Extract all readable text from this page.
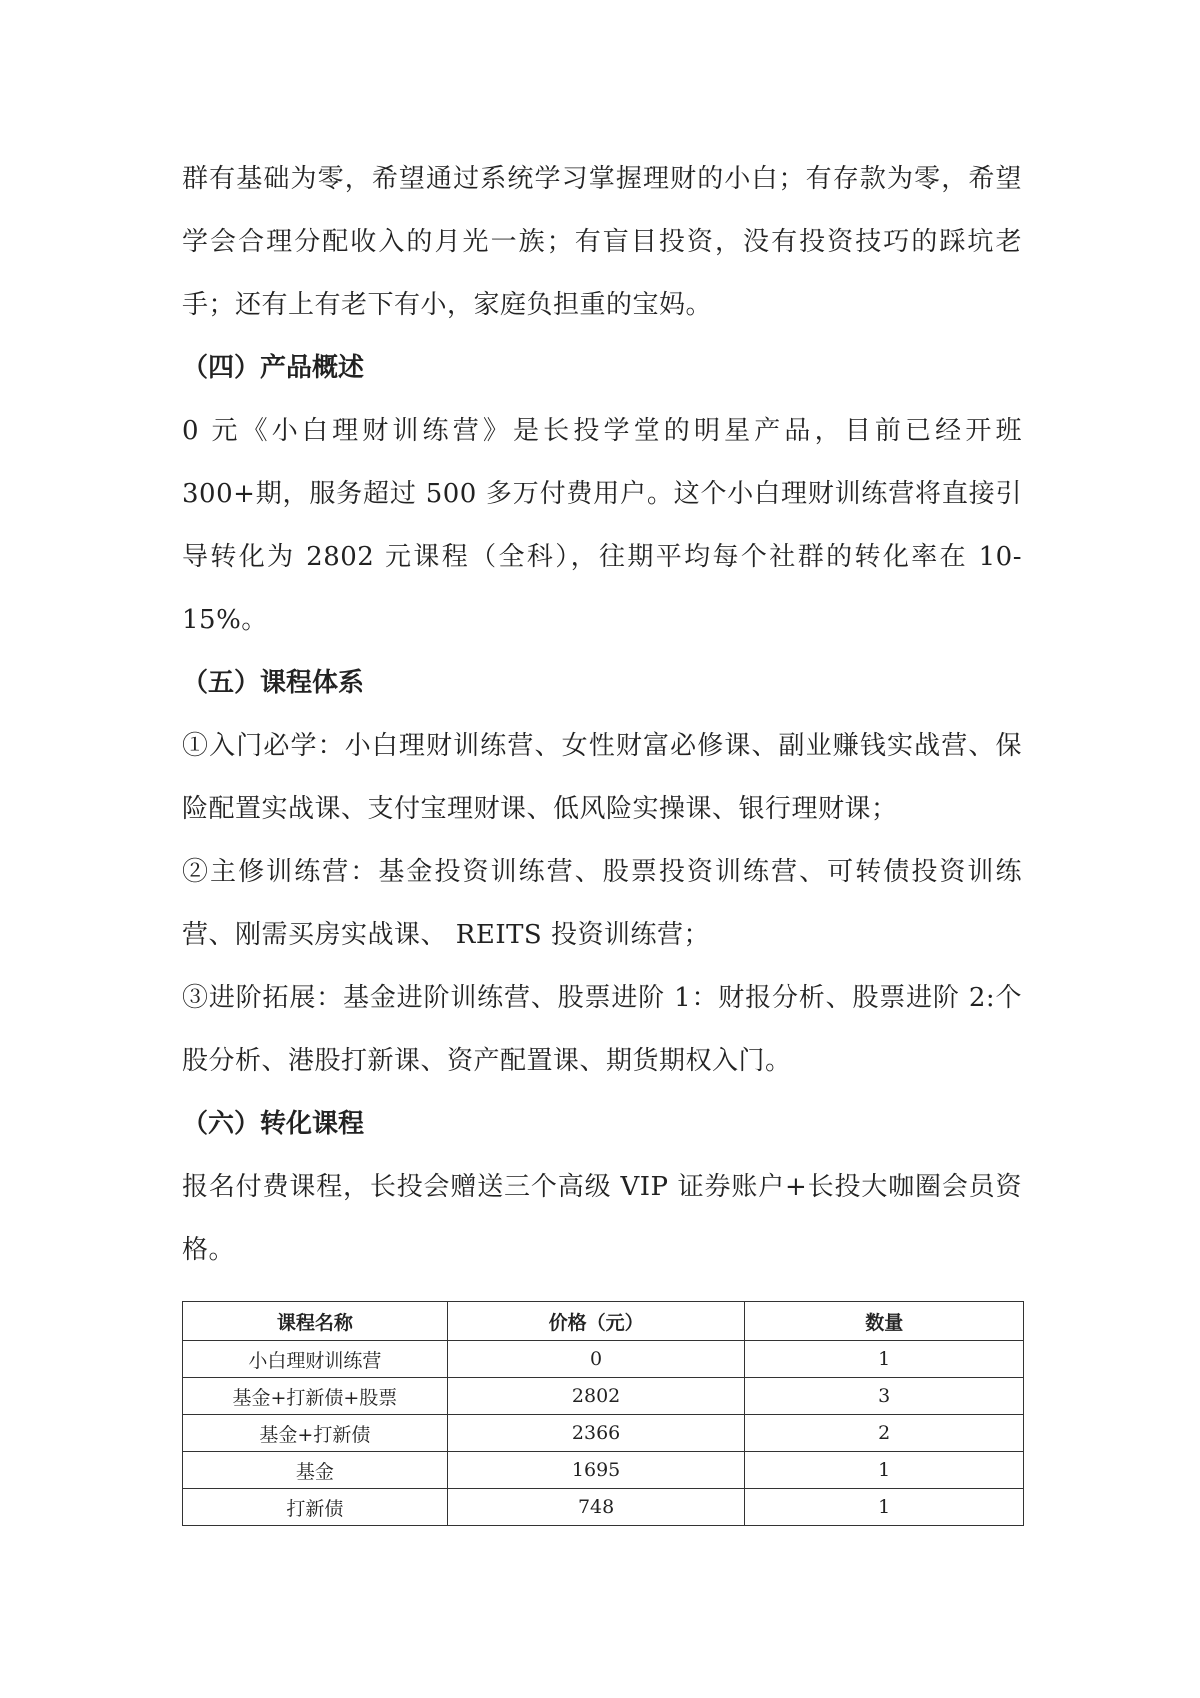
群有基础为零，希望通过系统学习掌握理财的小白；有存款为零，希望学会合理分配收入的月光一族；有盲目投资，没有投资技巧的踩坑老手；还有上有老下有小，家庭负担重的宝妈。

（四）产品概述

0 元《小白理财训练营》是长投学堂的明星产品，目前已经开班 300+期，服务超过 500 多万付费用户。这个小白理财训练营将直接引导转化为 2802 元课程（全科），往期平均每个社群的转化率在 10-15%。

（五）课程体系

①入门必学：小白理财训练营、女性财富必修课、副业赚钱实战营、保险配置实战课、支付宝理财课、低风险实操课、银行理财课；

②主修训练营：基金投资训练营、股票投资训练营、可转债投资训练营、刚需买房实战课、 REITS 投资训练营；

③进阶拓展：基金进阶训练营、股票进阶 1：财报分析、股票进阶 2:个股分析、港股打新课、资产配置课、期货期权入门。

（六）转化课程

报名付费课程，长投会赠送三个高级 VIP 证券账户+长投大咖圈会员资格。

课程名称	价格（元）	数量
小白理财训练营	0	1
基金+打新债+股票	2802	3
基金+打新债	2366	2
基金	1695	1
打新债	748	1
